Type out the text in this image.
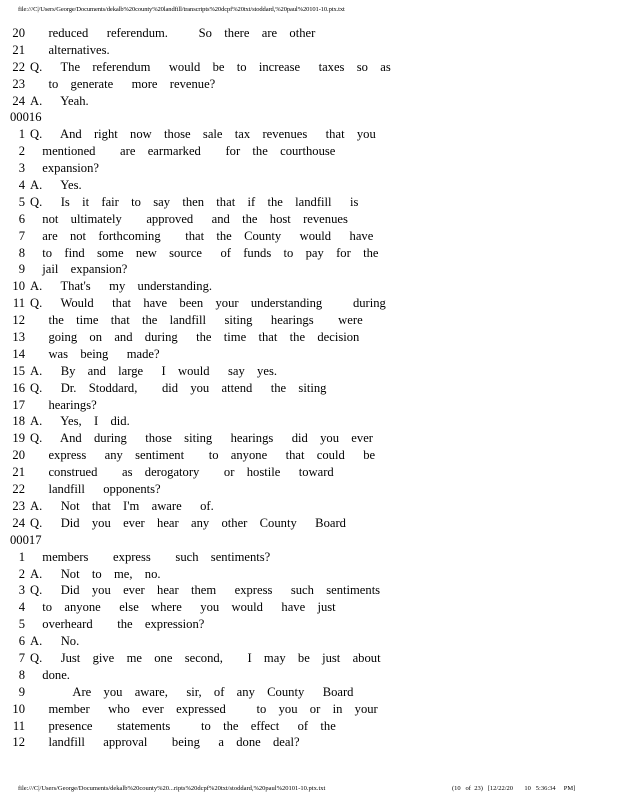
file:///C|/Users/George/Documents/dekalb%20county%20landfill/transcripts%20dcpf%20txt/stoddard,%20paul%20101-10.ptx.txt
20 reduced   referendum.     So  there  are  other
21 alternatives.
22 Q.   The  referendum   would  be  to  increase   taxes  so  as
23 to  generate   more  revenue?
24 A.   Yeah.
00016
1 Q.   And  right  now  those  sale  tax  revenues   that  you
2 mentioned    are  earmarked    for  the  courthouse
3 expansion?
4 A.   Yes.
5 Q.   Is  it  fair  to  say  then  that  if  the  landfill   is
6 not  ultimately    approved   and  the  host  revenues
7 are  not  forthcoming    that  the  County   would   have
8 to  find  some  new  source   of  funds  to  pay  for  the
9 jail  expansion?
10 A.   That's   my  understanding.
11 Q.   Would   that  have  been  your  understanding     during
12 the  time  that  the  landfill   siting   hearings    were
13 going  on  and  during   the  time  that  the  decision
14 was  being   made?
15 A.   By  and  large   I  would   say  yes.
16 Q.   Dr.  Stoddard,    did  you  attend   the  siting
17 hearings?
18 A.   Yes,  I  did.
19 Q.   And  during   those  siting   hearings   did  you  ever
20 express   any  sentiment    to  anyone   that  could   be
21 construed    as  derogatory    or  hostile   toward
22 landfill   opponents?
23 A.   Not  that  I'm  aware   of.
24 Q.   Did  you  ever  hear  any  other  County   Board
00017
1 members    express    such  sentiments?
2 A.   Not  to  me,  no.
3 Q.   Did  you  ever  hear  them   express   such  sentiments
4 to  anyone   else  where   you  would   have  just
5 overheard    the  expression?
6 A.   No.
7 Q.   Just  give  me  one  second,    I  may  be  just  about
8 done.
9 Are  you  aware,   sir,  of  any  County   Board
10 member   who  ever  expressed     to  you  or  in  your
11 presence    statements     to  the  effect   of  the
12 landfill   approval    being   a  done  deal?
file:///C|/Users/George/Documents/dekalb%20county%20...ripts%20dcpf%20txt/stoddard,%20paul%20101-10.ptx.txt	(10   of  23) [12/22/20       10   5:36:34     PM]
